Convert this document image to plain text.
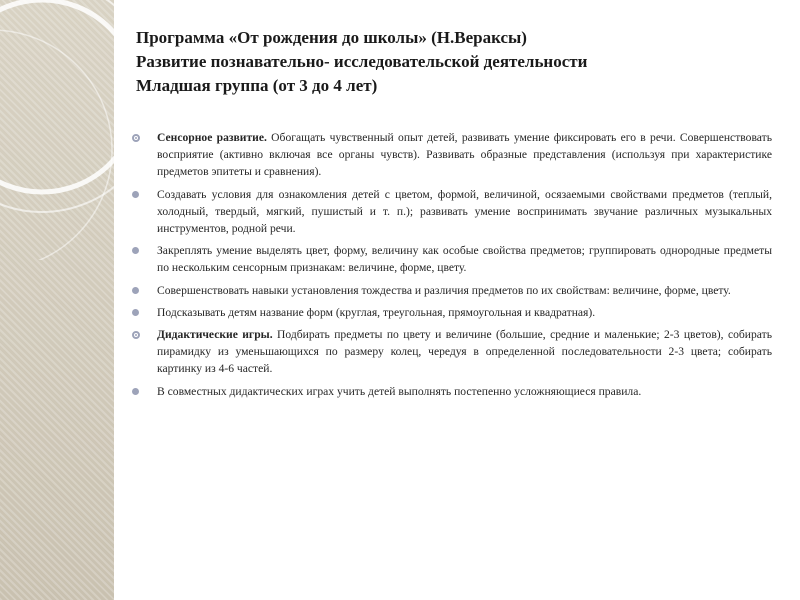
Программа «От рождения до школы» (Н.Вераксы)
Развитие познавательно- исследовательской деятельности
Младшая группа (от 3 до 4 лет)
Сенсорное развитие. Обогащать чувственный опыт детей, развивать умение фиксировать его в речи. Совершенствовать восприятие (активно включая все органы чувств). Развивать образные представления (используя при характеристике предметов эпитеты и сравнения).
Создавать условия для ознакомления детей с цветом, формой, величиной, осязаемыми свойствами предметов (теплый, холодный, твердый, мягкий, пушистый и т. п.); развивать умение воспринимать звучание различных музыкальных инструментов, родной речи.
Закреплять умение выделять цвет, форму, величину как особые свойства предметов; группировать однородные предметы по нескольким сенсорным признакам: величине, форме, цвету.
Совершенствовать навыки установления тождества и различия предметов по их свойствам: величине, форме, цвету.
Подсказывать детям название форм (круглая, треугольная, прямоугольная и квадратная).
Дидактические игры. Подбирать предметы по цвету и величине (большие, средние и маленькие; 2-3 цветов), собирать пирамидку из уменьшающихся по размеру колец, чередуя в определенной последовательности 2-3 цвета; собирать картинку из 4-6 частей.
В совместных дидактических играх учить детей выполнять постепенно усложняющиеся правила.
